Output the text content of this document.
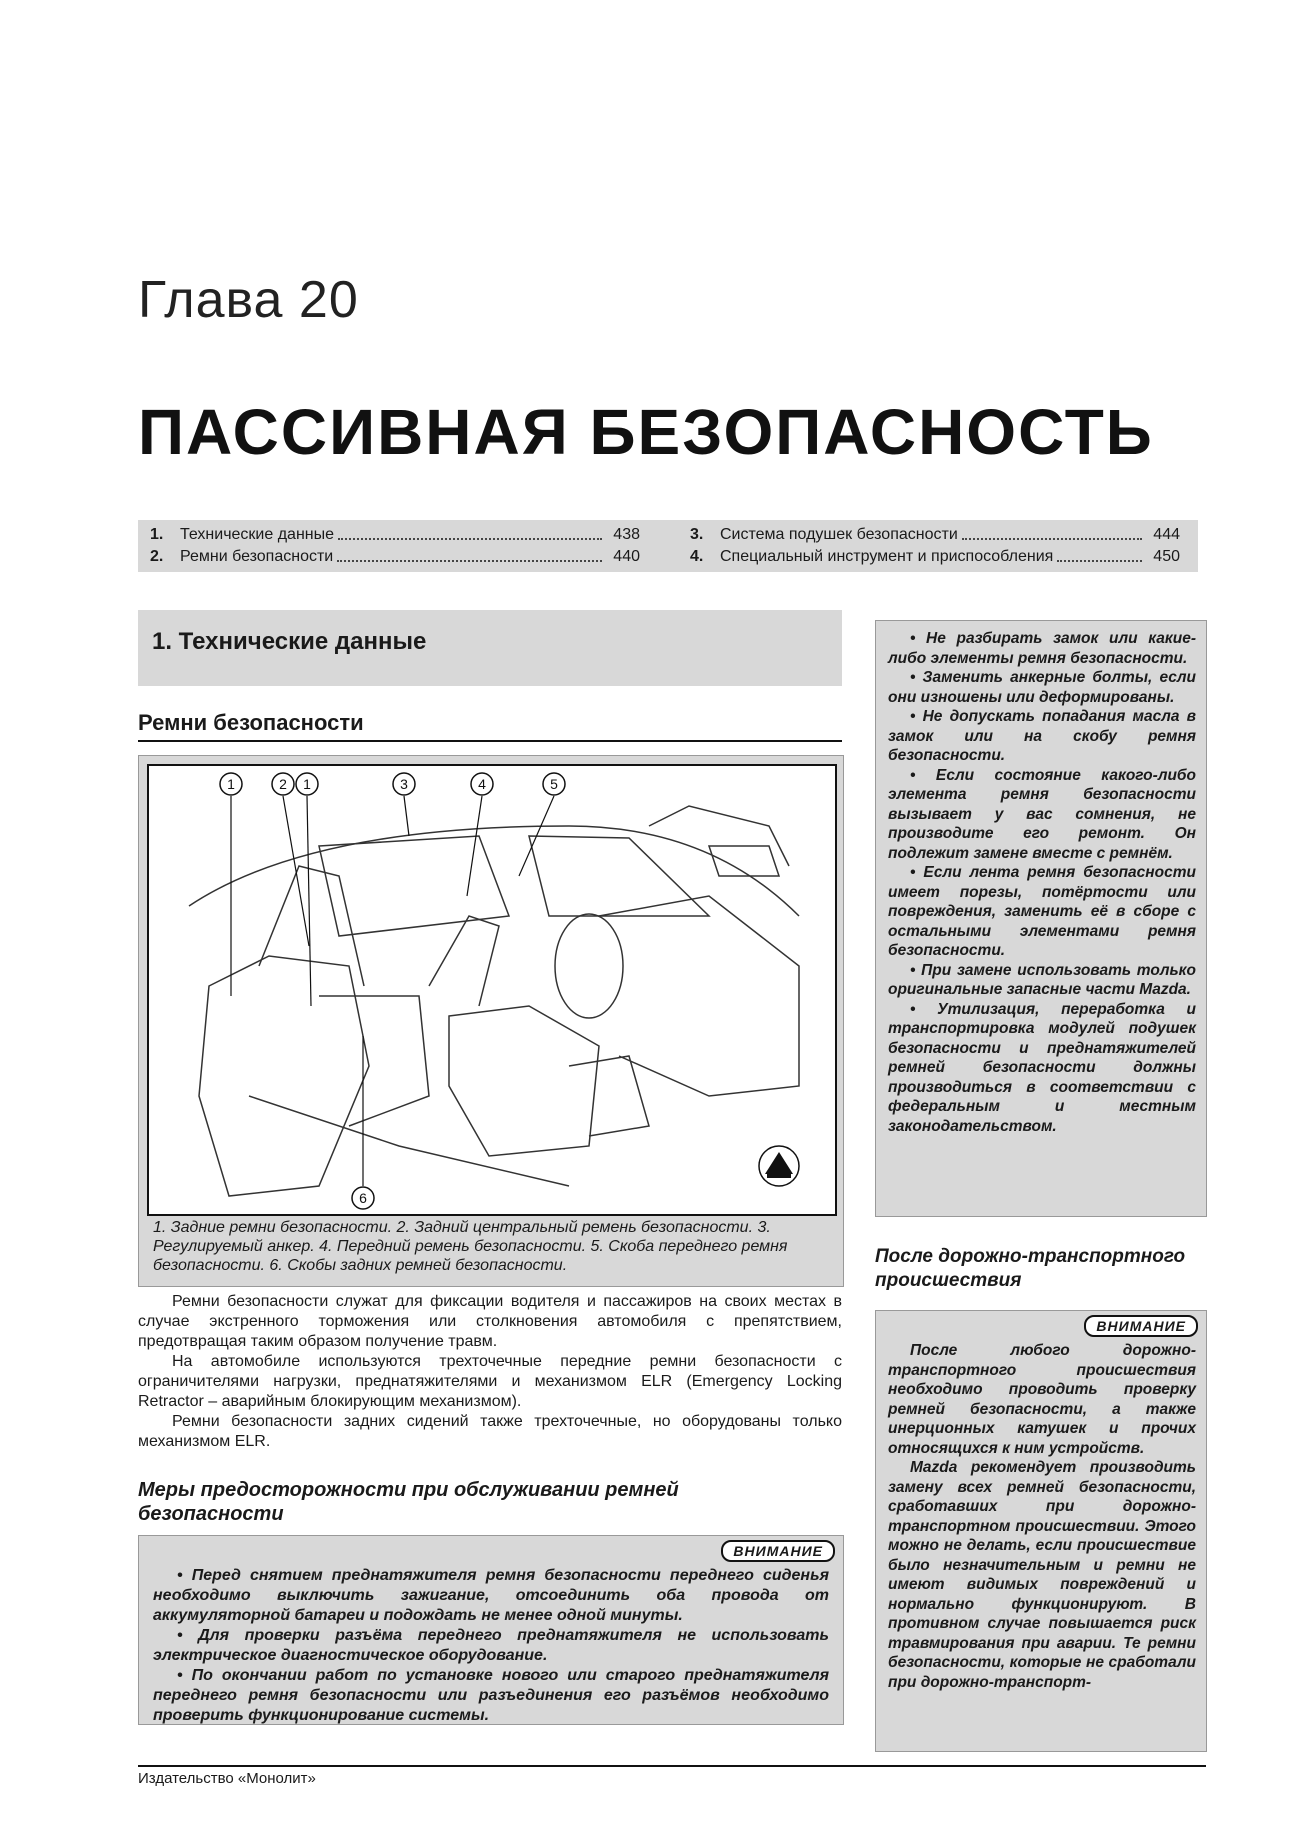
Глава 20
ПАССИВНАЯ БЕЗОПАСНОСТЬ
1.	Технические данные	438
2.	Ремни безопасности	440
3.	Система подушек безопасности	444
4.	Специальный инструмент и приспособления	450
1. Технические данные
Ремни безопасности
1	2 1	3	4	5
6
1. Задние ремни безопасности. 2. Задний центральный ремень безопасности. 3. Регулируемый анкер. 4. Передний ремень безопасности. 5. Скоба переднего ремня безопасности. 6. Скобы задних ремней безопасности.

Ремни безопасности служат для фиксации водителя и пассажиров на своих местах в случае экстренного торможения или столкновения автомобиля с препятствием, предотвращая таким образом получение травм.

На автомобиле используются трехточечные передние ремни безопасности с ограничителями нагрузки, преднатяжителями и механизмом ELR (Emergency Locking Retractor – аварийным блокирующим механизмом).

Ремни безопасности задних сидений также трехточечные, но оборудованы только механизмом ELR.

Меры предосторожности при обслуживании ремней безопасности
ВНИМАНИЕ

• Перед снятием преднатяжителя ремня безопасности переднего сиденья необходимо выключить зажигание, отсоединить оба провода от аккумуляторной батареи и подождать не менее одной минуты.

• Для проверки разъёма переднего преднатяжителя не использовать электрическое диагностическое оборудование.

• По окончании работ по установке нового или старого преднатяжителя переднего ремня безопасности или разъединения его разъёмов необходимо проверить функционирование системы.

• Не разбирать замок или какие-либо элементы ремня безопасности.

• Заменить анкерные болты, если они изношены или деформированы.

• Не допускать попадания масла в замок или на скобу ремня безопасности.

• Если состояние какого-либо элемента ремня безопасности вызывает у вас сомнения, не производите его ремонт. Он подлежит замене вместе с ремнём.

• Если лента ремня безопасности имеет порезы, потёртости или повреждения, заменить её в сборе с остальными элементами ремня безопасности.

• При замене использовать только оригинальные запасные части Mazda.

• Утилизация, переработка и транспортировка модулей подушек безопасности и преднатяжителей ремней безопасности должны производиться в соответствии с федеральным и местным законодательством.

После дорожно-транспортного происшествия
ВНИМАНИЕ

После любого дорожно-транспортного происшествия необходимо проводить проверку ремней безопасности, а также инерционных катушек и прочих относящихся к ним устройств.

Mazda рекомендует производить замену всех ремней безопасности, сработавших при дорожно-транспортном происшествии. Этого можно не делать, если происшествие было незначительным и ремни не имеют видимых повреждений и нормально функционируют. В противном случае повышается риск травмирования при аварии. Те ремни безопасности, которые не сработали при дорожно-транспорт-

Издательство «Монолит»
